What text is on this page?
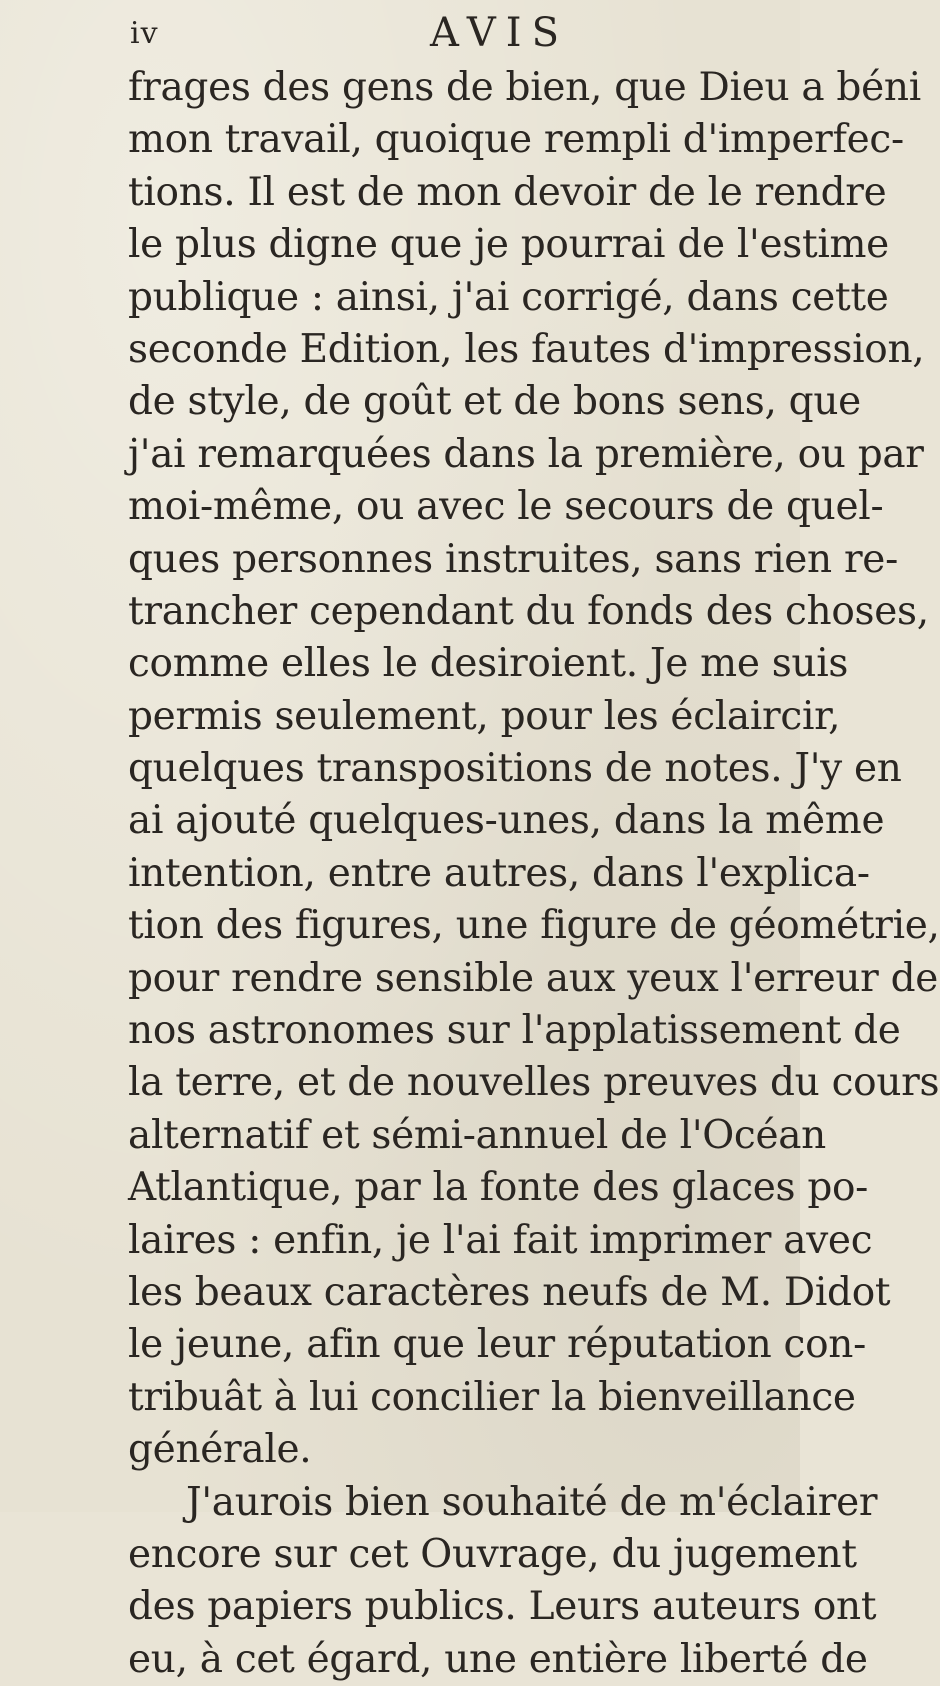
iv	AVIS
frages des gens de bien, que Dieu a béni
mon travail, quoique rempli d'imperfec-
tions. Il est de mon devoir de le rendre
le plus digne que je pourrai de l'estime
publique : ainsi, j'ai corrigé, dans cette
seconde Edition, les fautes d'impression,
de style, de goût et de bons sens, que
j'ai remarquées dans la première, ou par
moi-même, ou avec le secours de quel-
ques personnes instruites, sans rien re-
trancher cependant du fonds des choses,
comme elles le desiroient. Je me suis
permis seulement, pour les éclaircir,
quelques transpositions de notes. J'y en
ai ajouté quelques-unes, dans la même
intention, entre autres, dans l'explica-
tion des figures, une figure de géométrie,
pour rendre sensible aux yeux l'erreur de
nos astronomes sur l'applatissement de
la terre, et de nouvelles preuves du cours
alternatif et sémi-annuel de l'Océan
Atlantique, par la fonte des glaces po-
laires : enfin, je l'ai fait imprimer avec
les beaux caractères neufs de M. Didot
le jeune, afin que leur réputation con-
tribuât à lui concilier la bienveillance
générale.
J'aurois bien souhaité de m'éclairer
encore sur cet Ouvrage, du jugement
des papiers publics. Leurs auteurs ont
eu, à cet égard, une entière liberté de
